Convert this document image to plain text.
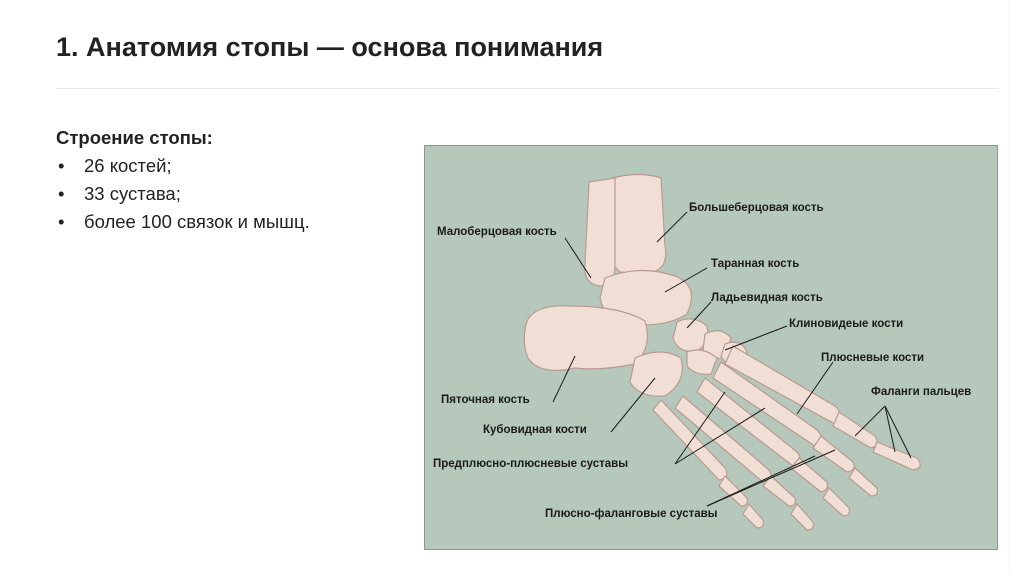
1. Анатомия стопы — основа понимания
Строение стопы:
• 26 костей;
• 33 сустава;
• более 100 связок и мышц.
Большеберцовая кость
Малоберцовая кость
Таранная кость
Ладьевидная кость
Клиновидеые кости
Плюсневые кости
Фаланги пальцев
Пяточная кость
Кубовидная кости
Предплюсно-плюсневые суставы
Плюсно-фаланговые суставы
